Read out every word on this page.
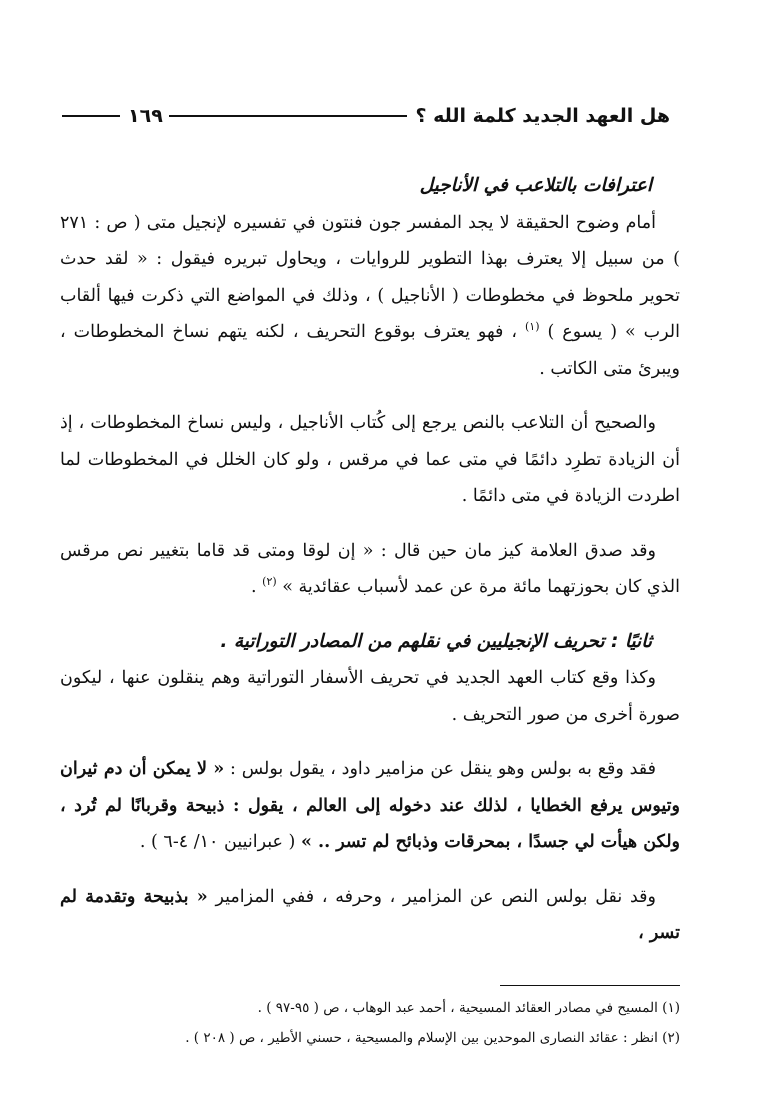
هل العهد الجديد كلمة الله ؟
١٦٩

اعترافات بالتلاعب في الأناجيل

أمام وضوح الحقيقة لا يجد المفسر جون فنتون في تفسيره لإنجيل متى ( ص : ٢٧١ ) من سبيل إلا يعترف بهذا التطوير للروايات ، ويحاول تبريره فيقول : « لقد حدث تحوير ملحوظ في مخطوطات ( الأناجيل ) ، وذلك في المواضع التي ذكرت فيها ألقاب الرب » ( يسوع ) $^{(١)}$ ، فهو يعترف بوقوع التحريف ، لكنه يتهم نساخ المخطوطات ، ويبرئ متى الكاتب .

والصحيح أن التلاعب بالنص يرجع إلى كُتاب الأناجيل ، وليس نساخ المخطوطات ، إذ أن الزيادة تطرِد دائمًا في متى عما في مرقس ، ولو كان الخلل في المخطوطات لما اطردت الزيادة في متى دائمًا .

وقد صدق العلامة كيز مان حين قال : « إن لوقا ومتى قد قاما بتغيير نص مرقس الذي كان بحوزتهما مائة مرة عن عمد لأسباب عقائدية » $^{(٢)}$ .

ثانيًا : تحريف الإنجيليين في نقلهم من المصادر التوراتية .

وكذا وقع كتاب العهد الجديد في تحريف الأسفار التوراتية وهم ينقلون عنها ، ليكون صورة أخرى من صور التحريف .

فقد وقع به بولس وهو ينقل عن مزامير داود ، يقول بولس : « لا يمكن أن دم ثيران وتيوس يرفع الخطايا ، لذلك عند دخوله إلى العالم ، يقول : ذبيحة وقربانًا لم تُرد ، ولكن هيأت لي جسدًا ، بمحرقات وذبائح لم تسر .. » ( عبرانيين ١٠/ ٤-٦ ) .

وقد نقل بولس النص عن المزامير ، وحرفه ، ففي المزامير « بذبيحة وتقدمة لم تسر ،

(١) المسيح في مصادر العقائد المسيحية ، أحمد عبد الوهاب ، ص ( ٩٥-٩٧ ) .
(٢) انظر : عقائد النصارى الموحدين بين الإسلام والمسيحية ، حسني الأطير ، ص ( ٢٠٨ ) .
